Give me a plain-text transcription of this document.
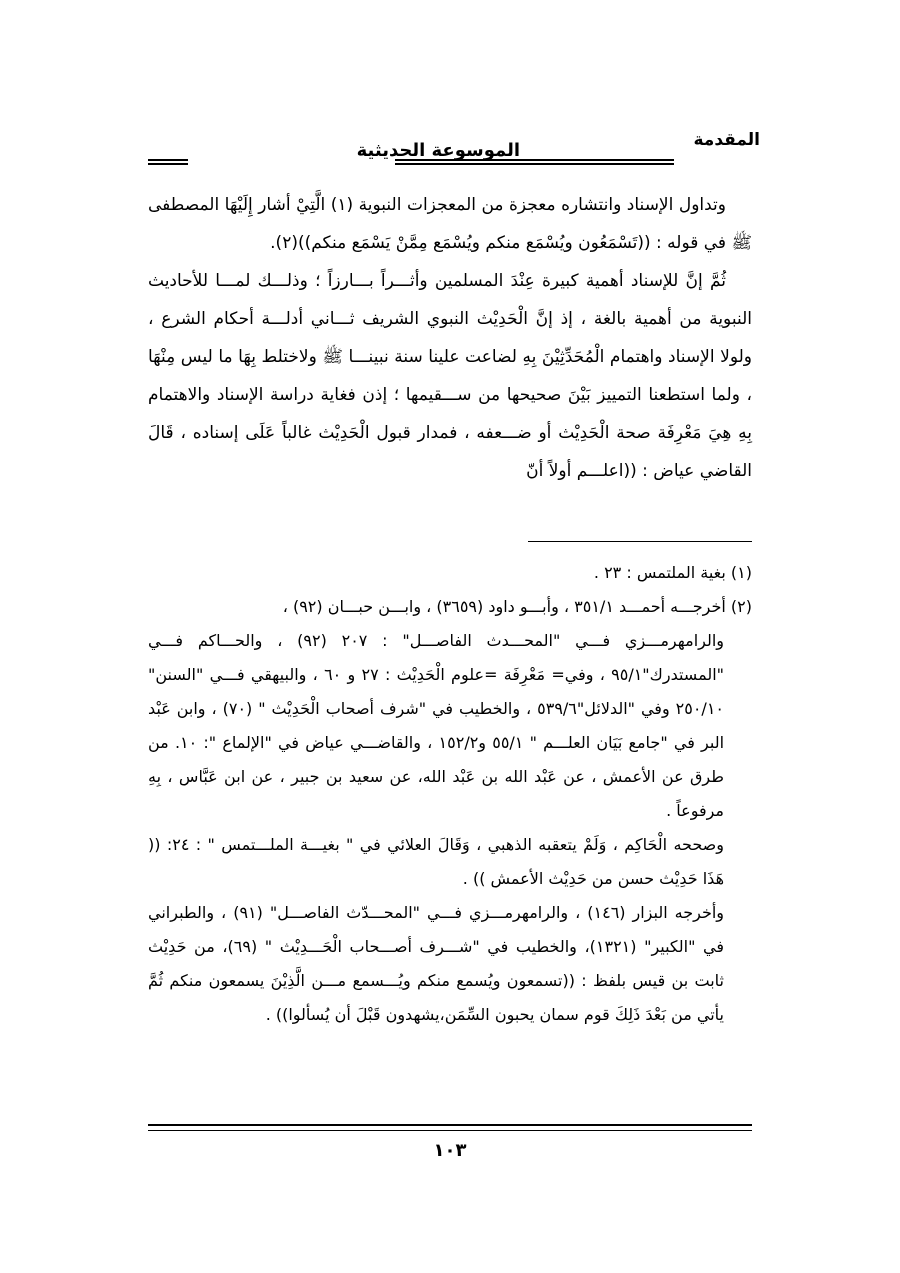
المقدمة
الموسوعة الحديثية

وتداول الإسناد وانتشاره معجزة من المعجزات النبوية (١) الَّتِيْ أشار إِلَيْهَا المصطفى ﷺ في قوله : ((تَسْمَعُون ويُسْمَع منكم ويُسْمَع مِمَّنْ يَسْمَع منكم))(٢).

ثُمَّ إنَّ للإسناد أهمية كبيرة عِنْدَ المسلمين وأثـــراً بـــارزاً ؛ وذلـــك لمـــا للأحاديث النبوية من أهمية بالغة ، إذ إنَّ الْحَدِيْث النبوي الشريف ثـــاني أدلـــة أحكام الشرع ، ولولا الإسناد واهتمام الْمُحَدِّثِيْنَ بِهِ لضاعت علينا سنة نبينـــا ﷺ ولاختلط بِهَا ما ليس مِنْهَا ، ولما استطعنا التمييز بَيْنَ صحيحها من ســـقيمها ؛ إذن فغاية دراسة الإسناد والاهتمام بِهِ هِيَ مَعْرِفَة صحة الْحَدِيْث أو ضـــعفه ، فمدار قبول الْحَدِيْث غالباً عَلَى إسناده ، قَالَ القاضي عياض : ((اعلـــم أولاً أنّ

(١) بغية الملتمس : ٢٣ .

(٢) أخرجـــه أحمـــد ٣٥١/١ ، وأبـــو داود (٣٦٥٩) ، وابـــن حبـــان (٩٢) ،

والرامهرمـــزي فـــي "المحـــدث الفاصـــل" : ٢٠٧ (٩٢) ، والحـــاكم فـــي "المستدرك"٩٥/١ ، وفي= مَعْرِفَة =علوم الْحَدِيْث : ٢٧ و ٦٠ ، والبيهقي فـــي "السنن" ٢٥٠/١٠ وفي "الدلائل"٥٣٩/٦ ، والخطيب في "شرف أصحاب الْحَدِيْث " (٧٠) ، وابن عَبْد البر في "جامع بَيَان العلـــم " ٥٥/١ و١٥٢/٢ ، والقاضـــي عياض في "الإلماع ": ١٠. من طرق عن الأعمش ، عن عَبْد الله بن عَبْد الله، عن سعيد بن جبير ، عن ابن عَبَّاس ، بِهِ مرفوعاً .

وصححه الْحَاكِم ، وَلَمْ يتعقبه الذهبي ، وَقَالَ العلائي في " بغيـــة الملـــتمس " : ٢٤: (( هَذَا حَدِيْث حسن من حَدِيْث الأعمش )) .

وأخرجه البزار (١٤٦) ، والرامهرمـــزي فـــي "المحـــدّث الفاصـــل" (٩١) ، والطبراني في "الكبير" (١٣٢١)، والخطيب في "شـــرف أصـــحاب الْحَـــدِيْث " (٦٩)، من حَدِيْث ثابت بن قيس بلفظ : ((تسمعون ويُسمع منكم ويُـــسمع مـــن الَّذِيْنَ يسمعون منكم ثُمَّ يأتي من بَعْدَ ذَلِكَ قوم سمان يحبون السِّمَن،يشهدون قَبْلَ أن يُسألوا)) .

١٠٣
